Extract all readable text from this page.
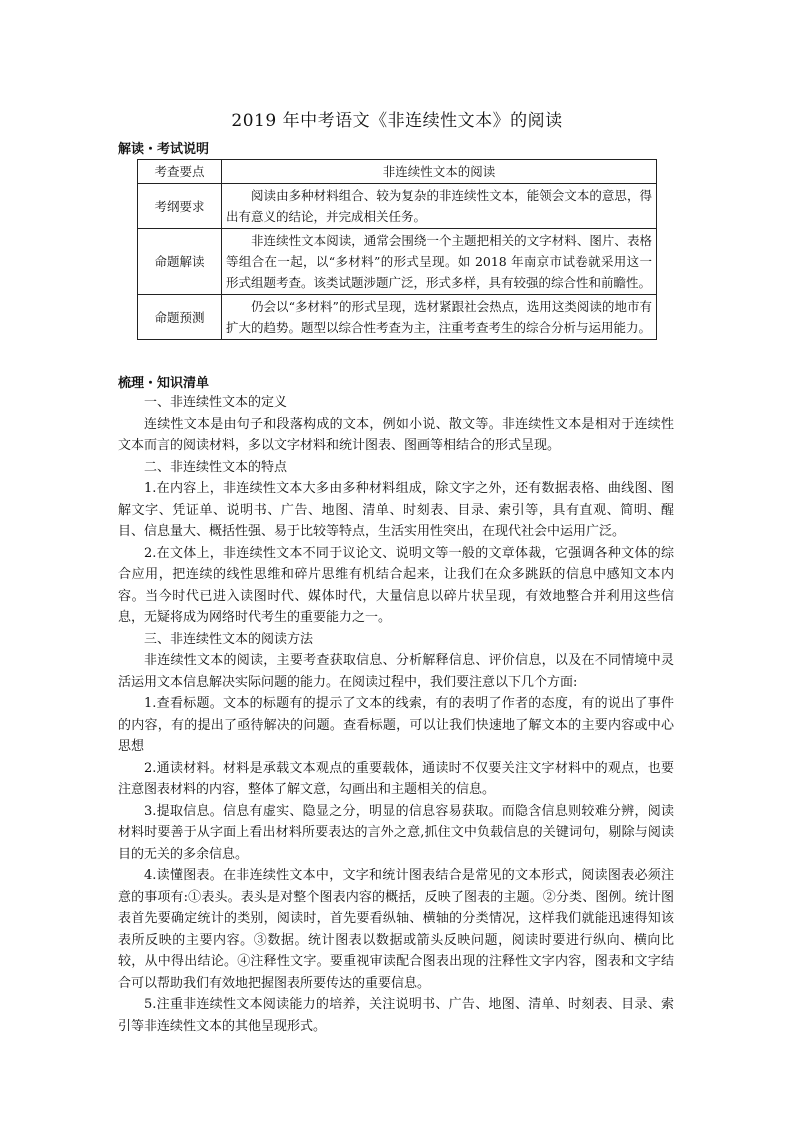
2019 年中考语文《非连续性文本》的阅读
解读・考试说明
考查要点	非连续性文本的阅读
考纲要求	阅读由多种材料组合、较为复杂的非连续性文本，能领会文本的意思，得出有意义的结论，并完成相关任务。
命题解读	非连续性文本阅读，通常会围绕一个主题把相关的文字材料、图片、表格等组合在一起，以“多材料”的形式呈现。如 2018 年南京市试卷就采用这一形式组题考查。该类试题涉题广泛，形式多样，具有较强的综合性和前瞻性。
命题预测	仍会以“多材料”的形式呈现，选材紧跟社会热点，选用这类阅读的地市有扩大的趋势。题型以综合性考查为主，注重考查考生的综合分析与运用能力。
梳理・知识清单

一、非连续性文本的定义

连续性文本是由句子和段落构成的文本，例如小说、散文等。非连续性文本是相对于连续性文本而言的阅读材料，多以文字材料和统计图表、图画等相结合的形式呈现。

二、非连续性文本的特点

1.在内容上，非连续性文本大多由多种材料组成，除文字之外，还有数据表格、曲线图、图解文字、凭证单、说明书、广告、地图、清单、时刻表、目录、索引等，具有直观、简明、醒目、信息量大、概括性强、易于比较等特点，生活实用性突出，在现代社会中运用广泛。

2.在文体上，非连续性文本不同于议论文、说明文等一般的文章体裁，它强调各种文体的综合应用，把连续的线性思维和碎片思维有机结合起来，让我们在众多跳跃的信息中感知文本内容。当今时代已进入读图时代、媒体时代，大量信息以碎片状呈现，有效地整合并利用这些信息，无疑将成为网络时代考生的重要能力之一。

三、非连续性文本的阅读方法

非连续性文本的阅读，主要考查获取信息、分析解释信息、评价信息，以及在不同情境中灵活运用文本信息解决实际问题的能力。在阅读过程中，我们要注意以下几个方面:

1.查看标题。文本的标题有的提示了文本的线索，有的表明了作者的态度，有的说出了事件的内容，有的提出了亟待解决的问题。查看标题，可以让我们快速地了解文本的主要内容或中心思想

2.通读材料。材料是承载文本观点的重要载体，通读时不仅要关注文字材料中的观点，也要注意图表材料的内容，整体了解文意，勾画出和主题相关的信息。

3.提取信息。信息有虚实、隐显之分，明显的信息容易获取。而隐含信息则较难分辨，阅读材料时要善于从字面上看出材料所要表达的言外之意,抓住文中负载信息的关键词句，剔除与阅读目的无关的多余信息。

4.读懂图表。在非连续性文本中，文字和统计图表结合是常见的文本形式，阅读图表必须注意的事项有:①表头。表头是对整个图表内容的概括，反映了图表的主题。②分类、图例。统计图表首先要确定统计的类别，阅读时，首先要看纵轴、横轴的分类情况，这样我们就能迅速得知该表所反映的主要内容。③数据。统计图表以数据或箭头反映问题，阅读时要进行纵向、横向比较，从中得出结论。④注释性文字。要重视审读配合图表出现的注释性文字内容，图表和文字结合可以帮助我们有效地把握图表所要传达的重要信息。

5.注重非连续性文本阅读能力的培养，关注说明书、广告、地图、清单、时刻表、目录、索引等非连续性文本的其他呈现形式。
